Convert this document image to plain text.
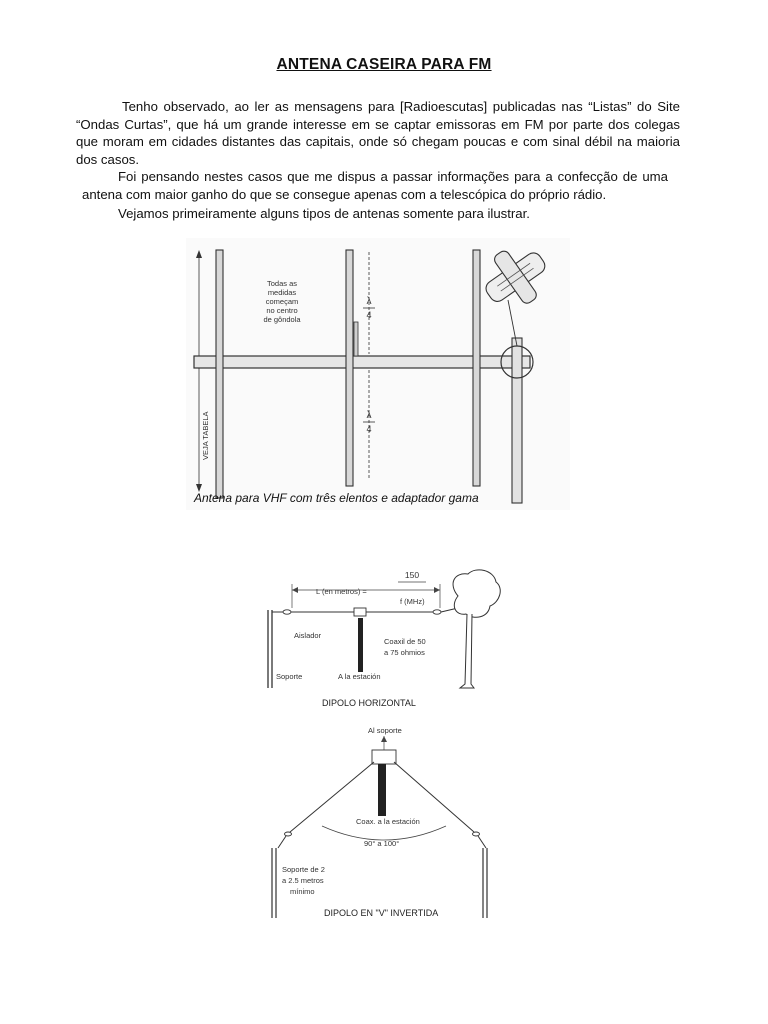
ANTENA CASEIRA PARA FM

Tenho observado, ao ler as mensagens para [Radioescutas] publicadas nas “Listas” do Site “Ondas Curtas”, que há um grande interesse em se captar emissoras em FM por parte dos colegas que moram em cidades distantes das capitais, onde só chegam poucas e com sinal débil na maioria dos casos.

Foi pensando nestes casos que me dispus a passar informações para a confecção de uma antena com maior ganho do que se consegue apenas com a telescópica do próprio rádio.

Vejamos primeiramente alguns tipos de antenas somente para ilustrar.

λ
4
λ
4
Todas as
medidas
começam
no centro
de gôndola
VEJA TABELA
Antena para VHF com três elentos e adaptador gama
150
L (en metros) =
f (MHz)
Aislador
Coaxil de 50
a 75 ohmios
Soporte	A la estación
DIPOLO HORIZONTAL
Al soporte
Coax. a la estación
90° a 100°
Soporte de 2
a 2.5 metros
mínimo
DIPOLO EN "V" INVERTIDA
